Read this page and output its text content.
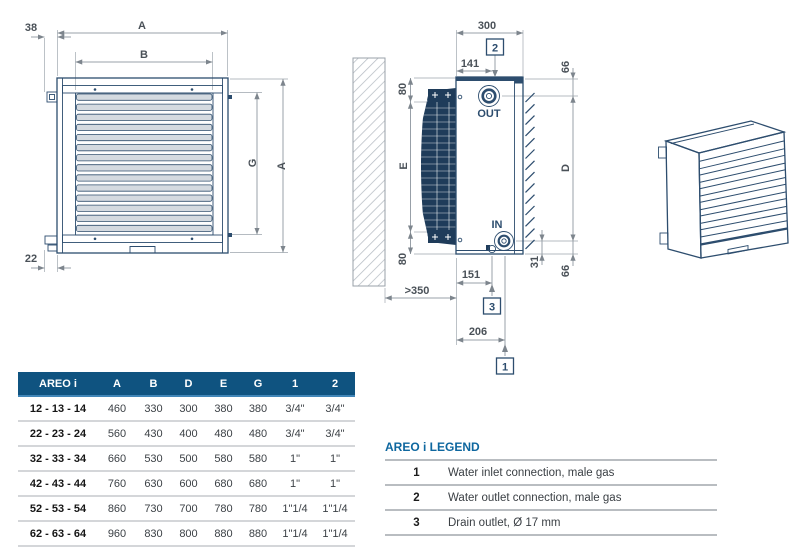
38	A
B
G A
22
300
141
80
E
80
66
D
31
66
>350
151
206
OUT
IN
2
3
1
AREO i	A	B	D	E	G	1	2
12 - 13 - 14	460	330	300	380	380	3/4"	3/4"
22 - 23 - 24	560	430	400	480	480	3/4"	3/4"
32 - 33 - 34	660	530	500	580	580	1"	1"
42 - 43 - 44	760	630	600	680	680	1"	1"
52 - 53 - 54	860	730	700	780	780	1"1/4	1"1/4
62 - 63 - 64	960	830	800	880	880	1"1/4	1"1/4
AREO i LEGEND
1	Water inlet connection, male gas
2	Water outlet connection, male gas
3	Drain outlet, Ø 17 mm
